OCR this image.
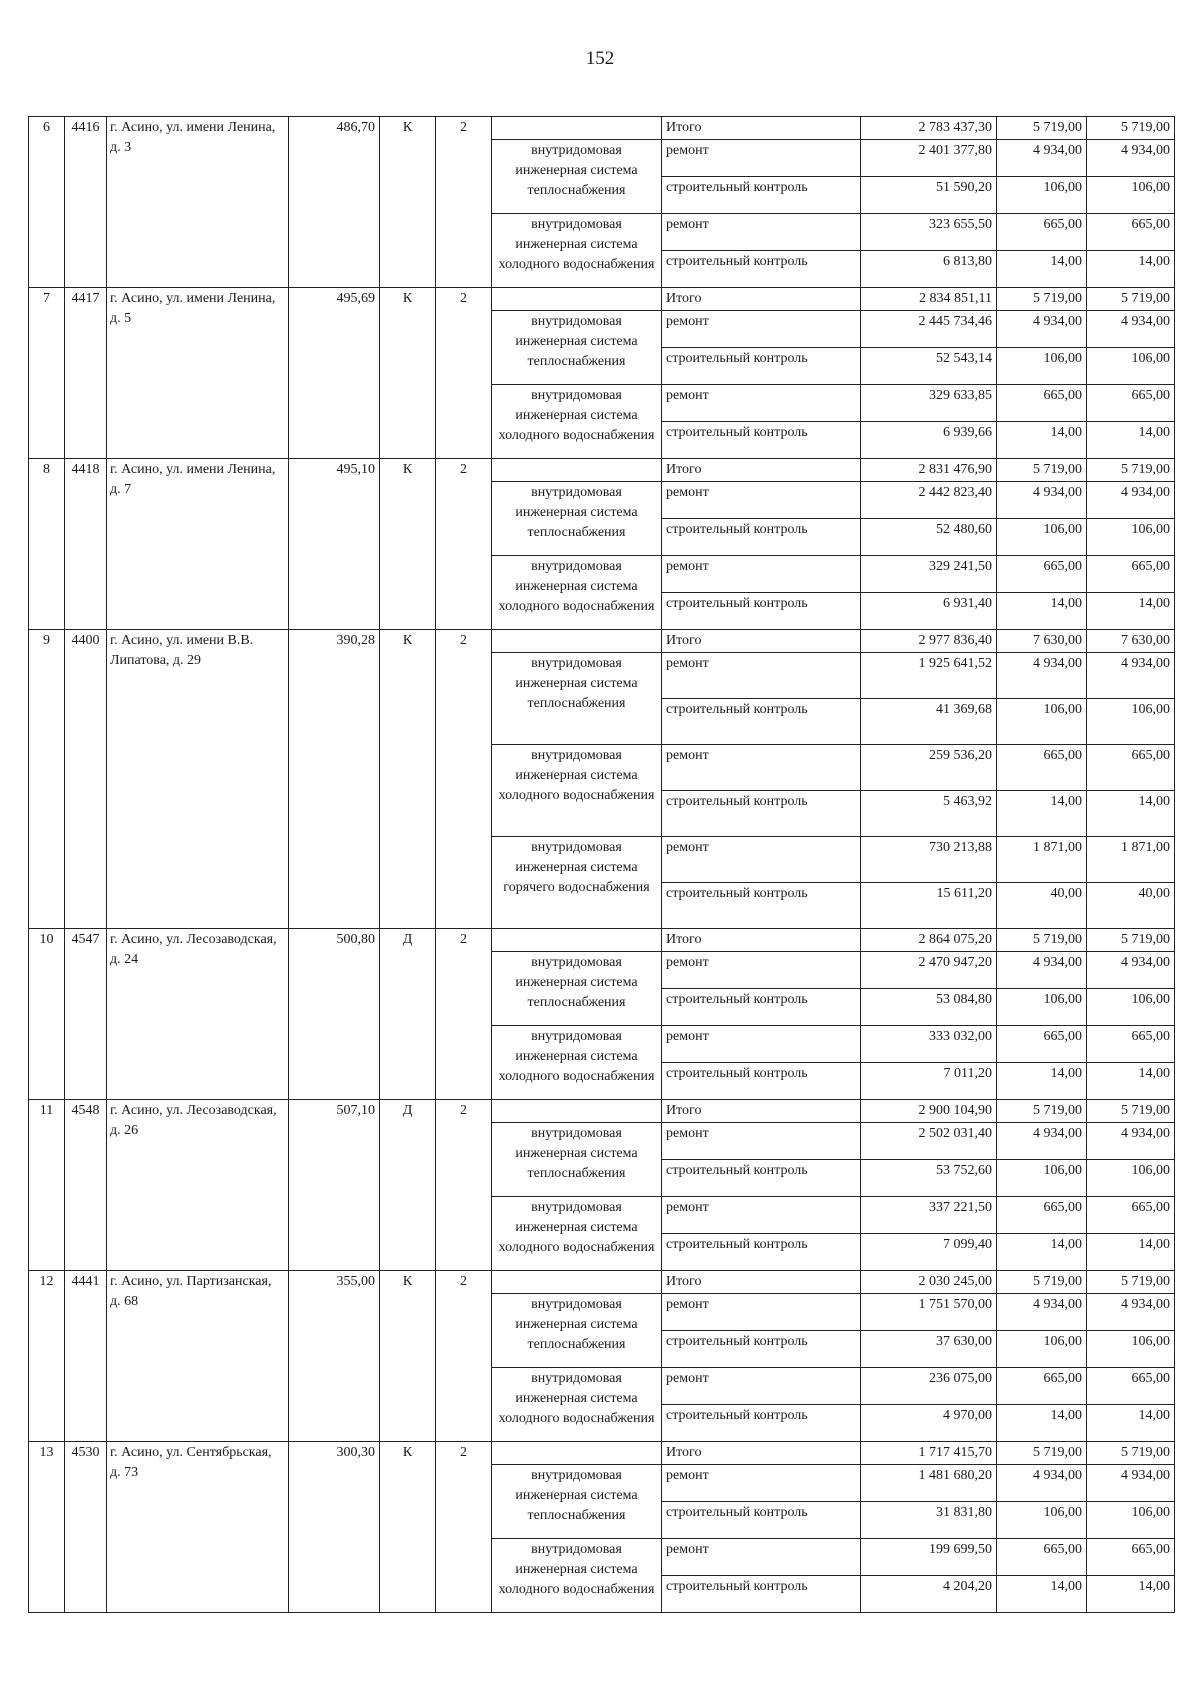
152
6	4416	г. Асино, ул. имени Ленина, д. 3	486,70	К	2		Итого	2 783 437,30	5 719,00	5 719,00
						внутридомовая инженерная система теплоснабжения	ремонт	2 401 377,80	4 934,00	4 934,00
							строительный контроль	51 590,20	106,00	106,00
						внутридомовая инженерная система холодного водоснабжения	ремонт	323 655,50	665,00	665,00
							строительный контроль	6 813,80	14,00	14,00
7	4417	г. Асино, ул. имени Ленина, д. 5	495,69	К	2		Итого	2 834 851,11	5 719,00	5 719,00
						внутридомовая инженерная система теплоснабжения	ремонт	2 445 734,46	4 934,00	4 934,00
							строительный контроль	52 543,14	106,00	106,00
						внутридомовая инженерная система холодного водоснабжения	ремонт	329 633,85	665,00	665,00
							строительный контроль	6 939,66	14,00	14,00
8	4418	г. Асино, ул. имени Ленина, д. 7	495,10	К	2		Итого	2 831 476,90	5 719,00	5 719,00
						внутридомовая инженерная система теплоснабжения	ремонт	2 442 823,40	4 934,00	4 934,00
							строительный контроль	52 480,60	106,00	106,00
						внутридомовая инженерная система холодного водоснабжения	ремонт	329 241,50	665,00	665,00
							строительный контроль	6 931,40	14,00	14,00
9	4400	г. Асино, ул. имени В.В. Липатова, д. 29	390,28	К	2		Итого	2 977 836,40	7 630,00	7 630,00
						внутридомовая инженерная система теплоснабжения	ремонт	1 925 641,52	4 934,00	4 934,00
							строительный контроль	41 369,68	106,00	106,00
						внутридомовая инженерная система холодного водоснабжения	ремонт	259 536,20	665,00	665,00
							строительный контроль	5 463,92	14,00	14,00
						внутридомовая инженерная система горячего водоснабжения	ремонт	730 213,88	1 871,00	1 871,00
							строительный контроль	15 611,20	40,00	40,00
10	4547	г. Асино, ул. Лесозаводская, д. 24	500,80	Д	2		Итого	2 864 075,20	5 719,00	5 719,00
						внутридомовая инженерная система теплоснабжения	ремонт	2 470 947,20	4 934,00	4 934,00
							строительный контроль	53 084,80	106,00	106,00
						внутридомовая инженерная система холодного водоснабжения	ремонт	333 032,00	665,00	665,00
							строительный контроль	7 011,20	14,00	14,00
11	4548	г. Асино, ул. Лесозаводская, д. 26	507,10	Д	2		Итого	2 900 104,90	5 719,00	5 719,00
						внутридомовая инженерная система теплоснабжения	ремонт	2 502 031,40	4 934,00	4 934,00
							строительный контроль	53 752,60	106,00	106,00
						внутридомовая инженерная система холодного водоснабжения	ремонт	337 221,50	665,00	665,00
							строительный контроль	7 099,40	14,00	14,00
12	4441	г. Асино, ул. Партизанская, д. 68	355,00	К	2		Итого	2 030 245,00	5 719,00	5 719,00
						внутридомовая инженерная система теплоснабжения	ремонт	1 751 570,00	4 934,00	4 934,00
							строительный контроль	37 630,00	106,00	106,00
						внутридомовая инженерная система холодного водоснабжения	ремонт	236 075,00	665,00	665,00
							строительный контроль	4 970,00	14,00	14,00
13	4530	г. Асино, ул. Сентябрьская, д. 73	300,30	К	2		Итого	1 717 415,70	5 719,00	5 719,00
						внутридомовая инженерная система теплоснабжения	ремонт	1 481 680,20	4 934,00	4 934,00
							строительный контроль	31 831,80	106,00	106,00
						внутридомовая инженерная система холодного водоснабжения	ремонт	199 699,50	665,00	665,00
							строительный контроль	4 204,20	14,00	14,00
